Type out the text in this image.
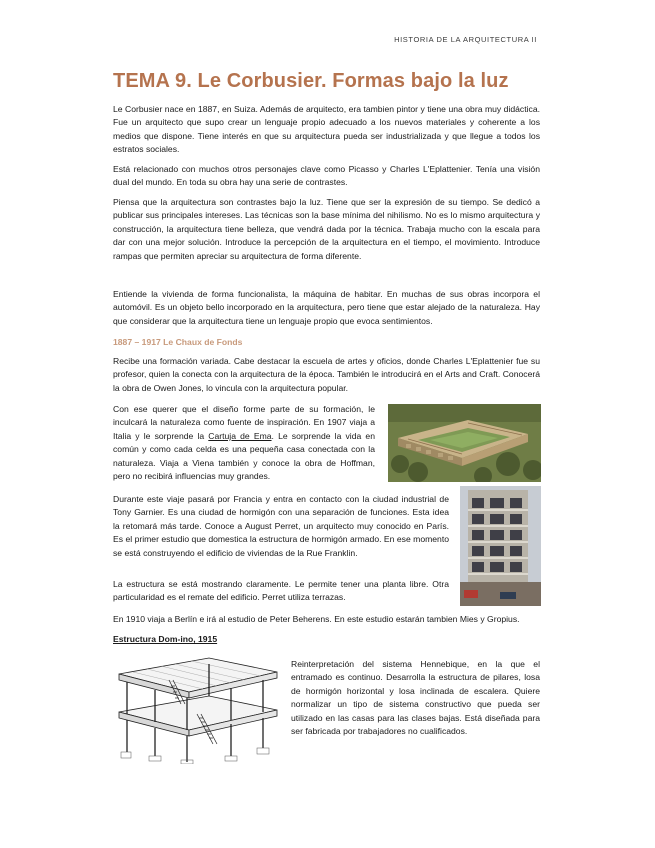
HISTORIA DE LA ARQUITECTURA II
TEMA 9. Le Corbusier. Formas bajo la luz

Le Corbusier nace en 1887, en Suiza. Además de arquitecto, era tambien pintor y tiene una obra muy didáctica. Fue un arquitecto que supo crear un lenguaje propio adecuado a los nuevos materiales y coherente a los medios que dispone. Tiene interés en que su arquitectura pueda ser industrializada y que llegue a todos los estratos sociales.

Está relacionado con muchos otros personajes clave como Picasso y Charles L'Eplattenier. Tenía una visión dual del mundo. En toda su obra hay una serie de contrastes.

Piensa que la arquitectura son contrastes bajo la luz. Tiene que ser la expresión de su tiempo. Se dedicó a publicar sus principales intereses. Las técnicas son la base mínima del nihilismo. No es lo mismo arquitectura y construcción, la arquitectura tiene belleza, que vendrá dada por la técnica. Trabaja mucho con la escala para dar con una mejor solución. Introduce la percepción de la arquitectura en el tiempo, el movimiento. Introduce rampas que permiten apreciar su arquitectura de forma diferente.

Entiende la vivienda de forma funcionalista, la máquina de habitar. En muchas de sus obras incorpora el automóvil. Es un objeto bello incorporado en la arquitectura, pero tiene que estar alejado de la naturaleza. Hay que considerar que la arquitectura tiene un lenguaje propio que evoca sentimientos.

1887 – 1917 Le Chaux de Fonds

Recibe una formación variada. Cabe destacar la escuela de artes y oficios, donde Charles L'Eplattenier fue su profesor, quien la conecta con la arquitectura de la época. También le introducirá en el Arts and Craft. Conocerá la obra de Owen Jones, lo vincula con la arquitectura popular.

Con ese querer que el diseño forme parte de su formación, le inculcará la naturaleza como fuente de inspiración. En 1907 viaja a Italia y le sorprende la Cartuja de Ema. Le sorprende la vida en común y como cada celda es una pequeña casa conectada con la naturaleza. Viaja a Viena también y conoce la obra de Hoffman, pero no recibirá influencias muy grandes.

Durante este viaje pasará por Francia y entra en contacto con la ciudad industrial de Tony Garnier. Es una ciudad de hormigón con una separación de funciones. Esta idea la retomará más tarde. Conoce a August Perret, un arquitecto muy conocido en París. Es el primer estudio que domestica la estructura de hormigón armado. En ese momento se está construyendo el edificio de viviendas de la Rue Franklin.

La estructura se está mostrando claramente. Le permite tener una planta libre. Otra particularidad es el remate del edificio. Perret utiliza terrazas.

En 1910 viaja a Berlín e irá al estudio de Peter Beherens. En este estudio estarán tambien Mies y Gropius.

Estructura Dom-ino, 1915

Reinterpretación del sistema Hennebique, en la que el entramado es continuo. Desarrolla la estructura de pilares, losa de hormigón horizontal y losa inclinada de escalera. Quiere normalizar un tipo de sistema constructivo que pueda ser utilizado en las casas para las clases bajas. Está diseñada para ser fabricada por trabajadores no cualificados.
